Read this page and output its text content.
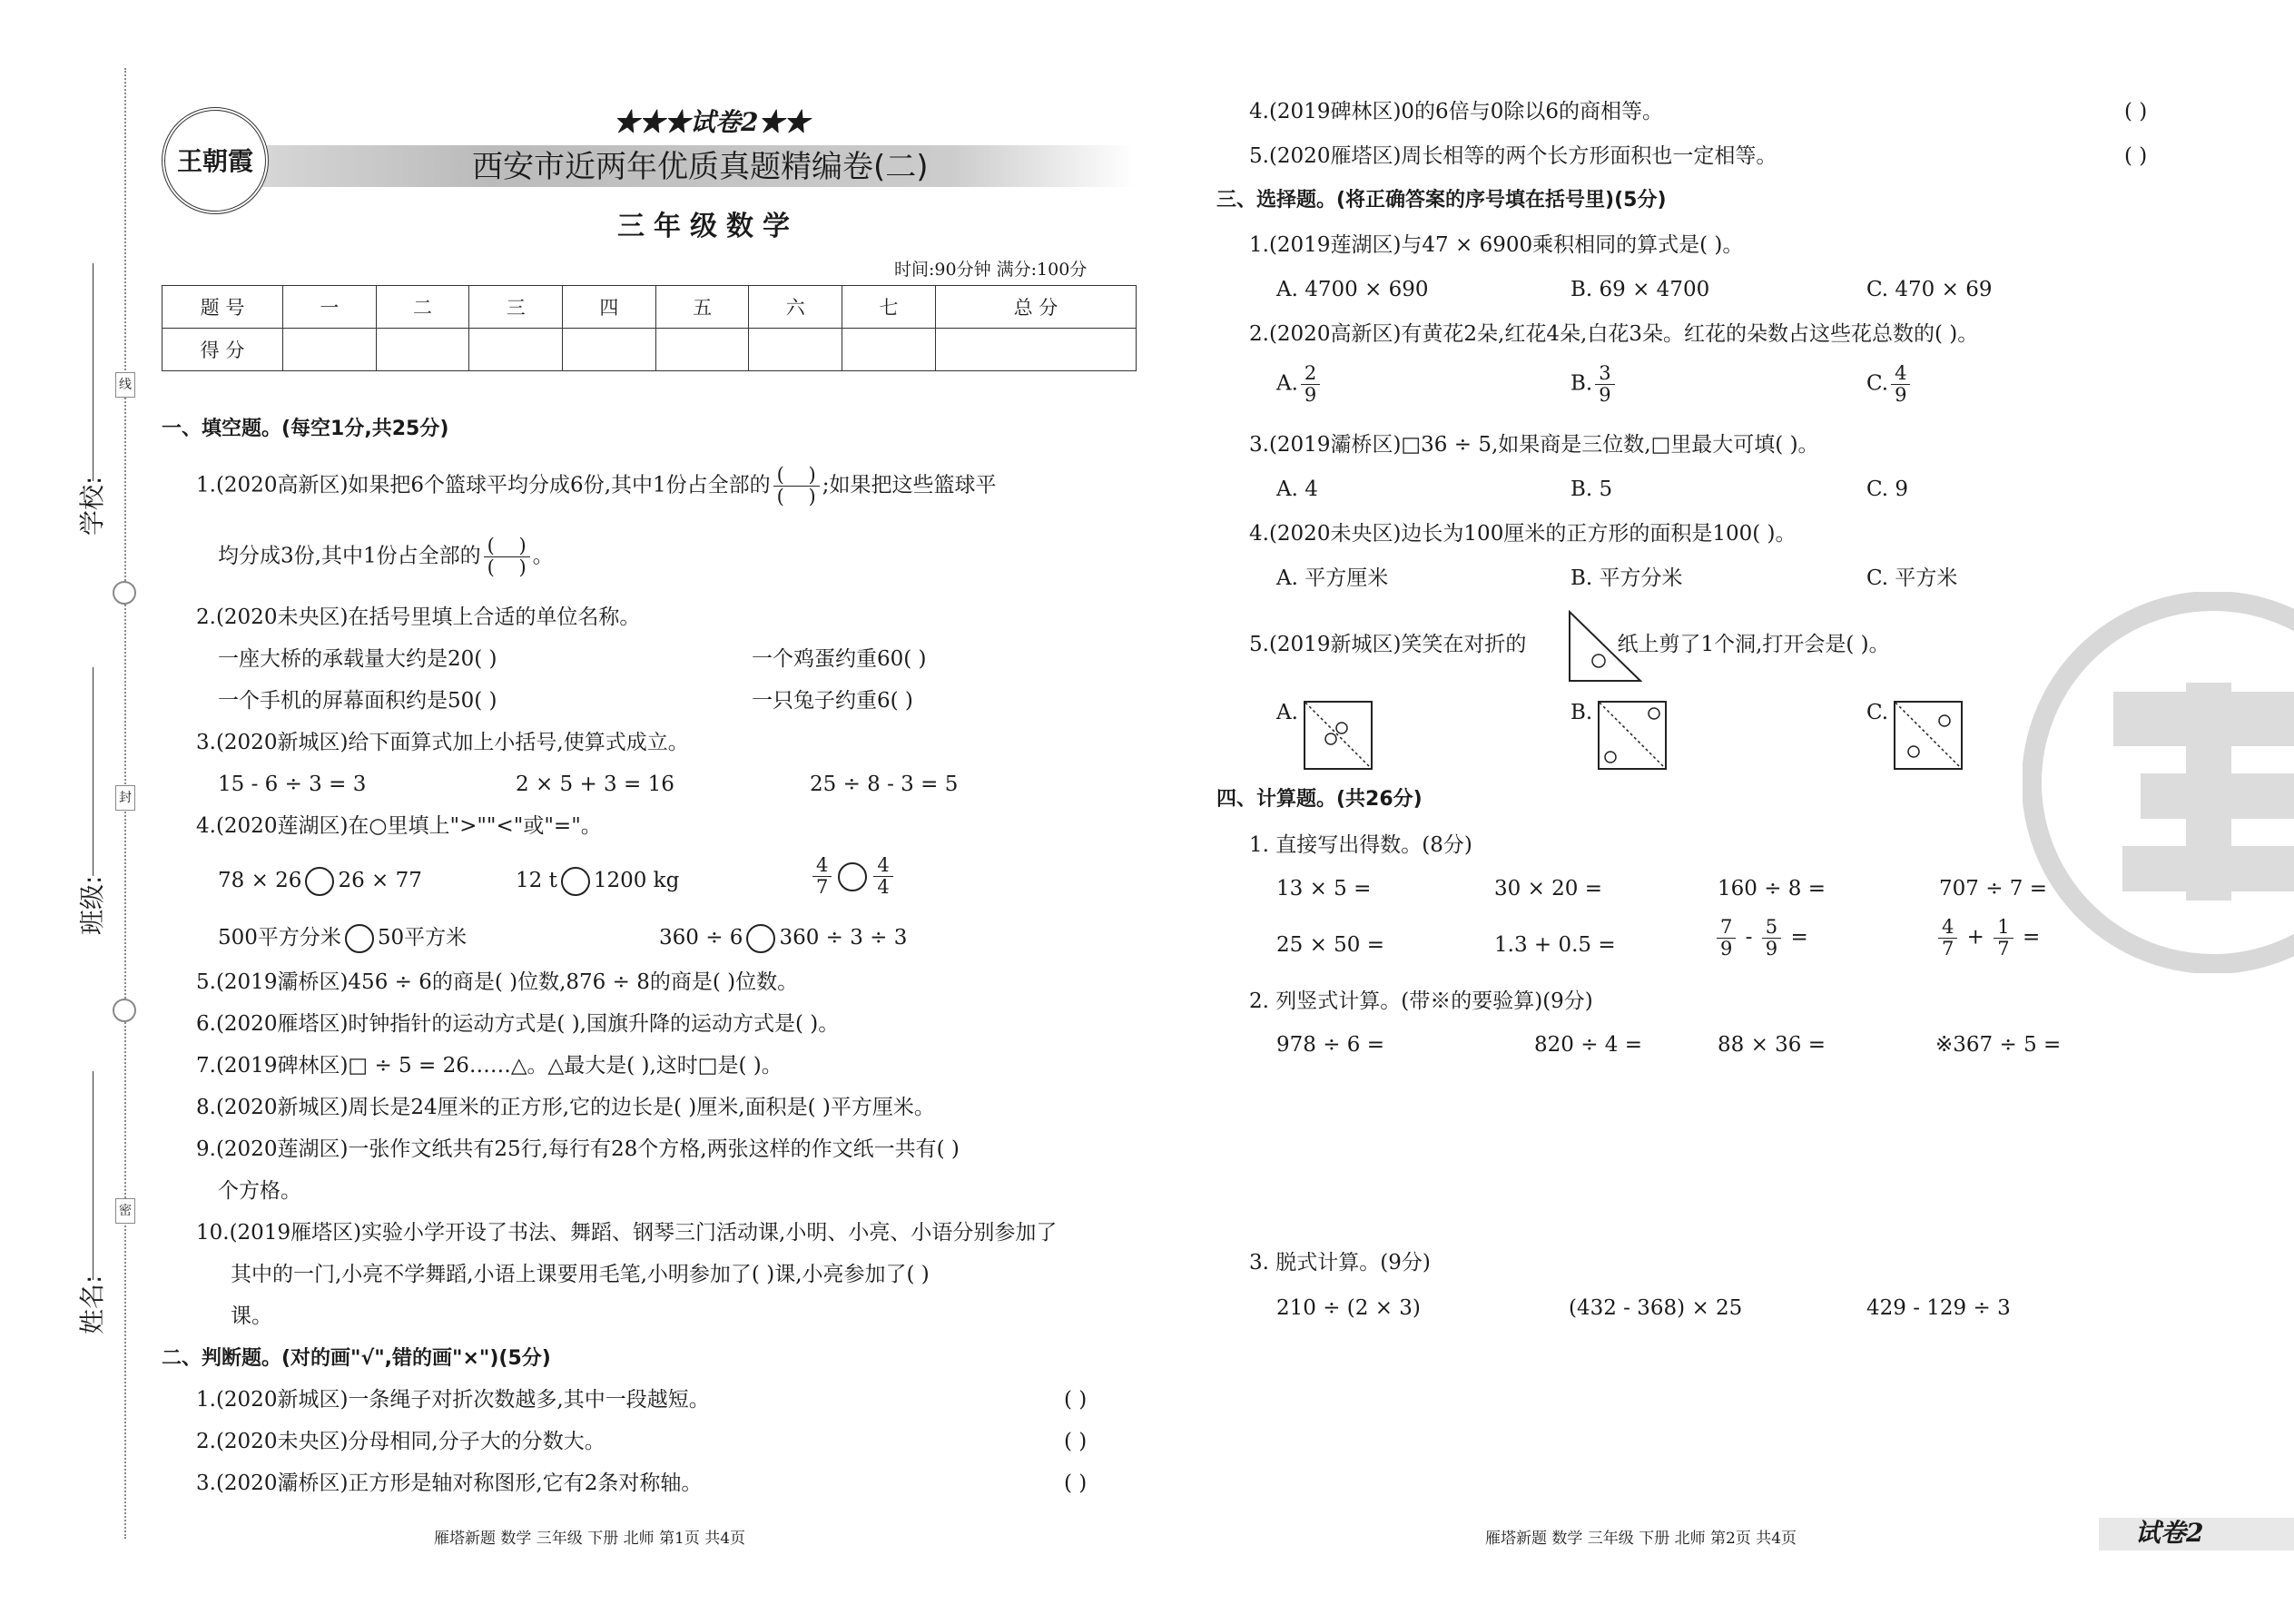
学校:
班级:
姓名:
线
封
密
王朝霞
★★★试卷2★★
西安市近两年优质真题精编卷(二)
三年级数学
时间:90分钟 满分:100分
题 号	一	二	三	四	五	六	七	总 分
得 分								
一、填空题。(每空1分,共25分)
1.(2020高新区)如果把6个篮球平均分成6份,其中1份占全部的 $\frac{( )}{( )}$ ;如果把这些篮球平
均分成3份,其中1份占全部的 $\frac{( )}{( )}$ 。
2.(2020未央区)在括号里填上合适的单位名称。
一座大桥的承载量大约是20( )	一个鸡蛋约重60( )
一个手机的屏幕面积约是50( )	一只兔子约重6( )
3.(2020新城区)给下面算式加上小括号,使算式成立。
15 - 6 ÷ 3 = 3	2 × 5 + 3 = 16	25 ÷ 8 - 3 = 5
4.(2020莲湖区)在○里填上">""<"或"="。
78 × 26 26 × 77	12 t 1200 kg	$\frac{4}{7} \frac{4}{4}$
500平方分米 50平方米	360 ÷ 6 360 ÷ 3 ÷ 3
5.(2019灞桥区)456 ÷ 6的商是( )位数,876 ÷ 8的商是( )位数。
6.(2020雁塔区)时钟指针的运动方式是( ),国旗升降的运动方式是( )。
7.(2019碑林区)□ ÷ 5 = 26……△。△最大是( ),这时□是( )。
8.(2020新城区)周长是24厘米的正方形,它的边长是( )厘米,面积是( )平方厘米。
9.(2020莲湖区)一张作文纸共有25行,每行有28个方格,两张这样的作文纸一共有( )
个方格。
10.(2019雁塔区)实验小学开设了书法、舞蹈、钢琴三门活动课,小明、小亮、小语分别参加了
其中的一门,小亮不学舞蹈,小语上课要用毛笔,小明参加了( )课,小亮参加了( )
课。
二、判断题。(对的画"√",错的画"×")(5分)
1.(2020新城区)一条绳子对折次数越多,其中一段越短。	( )
2.(2020未央区)分母相同,分子大的分数大。	( )
3.(2020灞桥区)正方形是轴对称图形,它有2条对称轴。	( )
雁塔新题 数学 三年级 下册 北师 第1页 共4页
4.(2019碑林区)0的6倍与0除以6的商相等。	( )
5.(2020雁塔区)周长相等的两个长方形面积也一定相等。	( )
三、选择题。(将正确答案的序号填在括号里)(5分)
1.(2019莲湖区)与47 × 6900乘积相同的算式是( )。
A. 4700 × 690	B. 69 × 4700	C. 470 × 69
2.(2020高新区)有黄花2朵,红花4朵,白花3朵。红花的朵数占这些花总数的( )。
A. $\frac{2}{9}$	B. $\frac{3}{9}$	C. $\frac{4}{9}$
3.(2019灞桥区)□36 ÷ 5,如果商是三位数,□里最大可填( )。
A. 4	B. 5	C. 9
4.(2020未央区)边长为100厘米的正方形的面积是100( )。
A. 平方厘米	B. 平方分米	C. 平方米
5.(2019新城区)笑笑在对折的	纸上剪了1个洞,打开会是( )。
A.	B.	C.
四、计算题。(共26分)
1. 直接写出得数。(8分)
13 × 5 =	30 × 20 =	160 ÷ 8 =	707 ÷ 7 =
25 × 50 =	1.3 + 0.5 =	$\frac{7}{9} - \frac{5}{9}$ =	$\frac{4}{7} + \frac{1}{7}$ =
2. 列竖式计算。(带※的要验算)(9分)
978 ÷ 6 =	820 ÷ 4 =	88 × 36 =	※367 ÷ 5 =
3. 脱式计算。(9分)
210 ÷ (2 × 3)	(432 - 368) × 25	429 - 129 ÷ 3
雁塔新题 数学 三年级 下册 北师 第2页 共4页	试卷2
